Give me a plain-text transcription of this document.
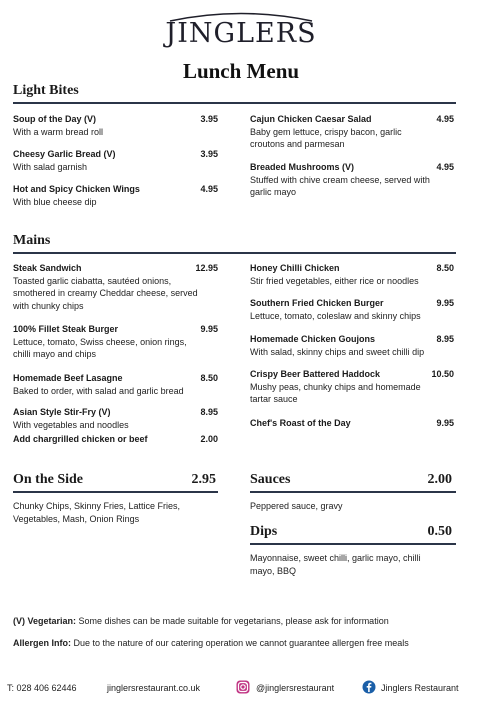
JINGLERS
Lunch Menu
Light Bites
Soup of the Day (V)	3.95
With a warm bread roll
Cheesy Garlic Bread (V)	3.95
With salad garnish
Hot and Spicy Chicken Wings	4.95
With blue cheese dip
Cajun Chicken Caesar Salad	4.95
Baby gem lettuce, crispy bacon, garlic
croutons and parmesan
Breaded Mushrooms (V)	4.95
Stuffed with chive cream cheese, served with
garlic mayo
Mains
Steak Sandwich	12.95
Toasted garlic ciabatta, sautéed onions,
smothered in creamy Cheddar cheese, served
with chunky chips
100% Fillet Steak Burger	9.95
Lettuce, tomato, Swiss cheese, onion rings,
chilli mayo and chips
Homemade Beef Lasagne	8.50
Baked to order, with salad and garlic bread
Asian Style Stir-Fry (V)	8.95
With vegetables and noodles
Add chargrilled chicken or beef	2.00
Honey Chilli Chicken	8.50
Stir fried vegetables, either rice or noodles
Southern Fried Chicken Burger	9.95
Lettuce, tomato, coleslaw and skinny chips
Homemade Chicken Goujons	8.95
With salad, skinny chips and sweet chilli dip
Crispy Beer Battered Haddock	10.50
Mushy peas, chunky chips and homemade
tartar sauce
Chef's Roast of the Day	9.95
On the Side	2.95
Chunky Chips, Skinny Fries, Lattice Fries,
Vegetables, Mash, Onion Rings
Sauces	2.00
Peppered sauce, gravy
Dips	0.50
Mayonnaise, sweet chilli, garlic mayo, chilli
mayo, BBQ
(V) Vegetarian: Some dishes can be made suitable for vegetarians, please ask for information
Allergen Info: Due to the nature of our catering operation we cannot guarantee allergen free meals
T: 028 406 62446	jinglersrestaurant.co.uk	@jinglersrestaurant	Jinglers Restaurant
